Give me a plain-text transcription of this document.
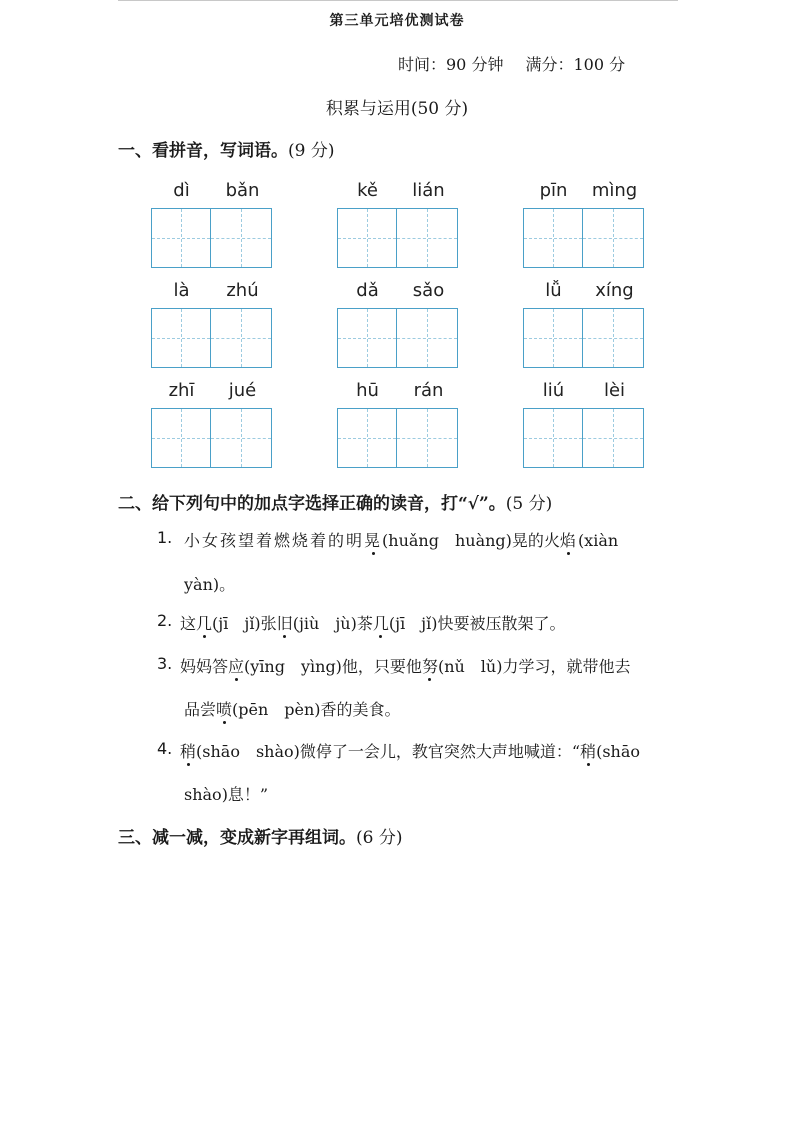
第三单元培优测试卷
时间：90 分钟 满分：100 分
积累与运用(50 分)
一、看拼音，写词语。(9 分)
dì	bǎn	kě	lián	pīn	mìng
là	zhú	dǎ	sǎo	lǚ	xíng
zhī	jué	hū	rán	liú	lèi
二、给下列句中的加点字选择正确的读音，打“√”。(5 分)
1. 小女孩望着燃烧着的明晃(huǎng　huàng)晃的火焰(xiàn
yàn)。
2. 这几(jī　jǐ)张旧(jiù　jù)茶几(jī　jǐ)快要被压散架了。
3. 妈妈答应(yīng　yìng)他，只要他努(nǔ　lǔ)力学习，就带他去
品尝喷(pēn　pèn)香的美食。
4. 稍(shāo　shào)微停了一会儿，教官突然大声地喊道：“稍(shāo
shào)息！”
三、减一减，变成新字再组词。(6 分)
